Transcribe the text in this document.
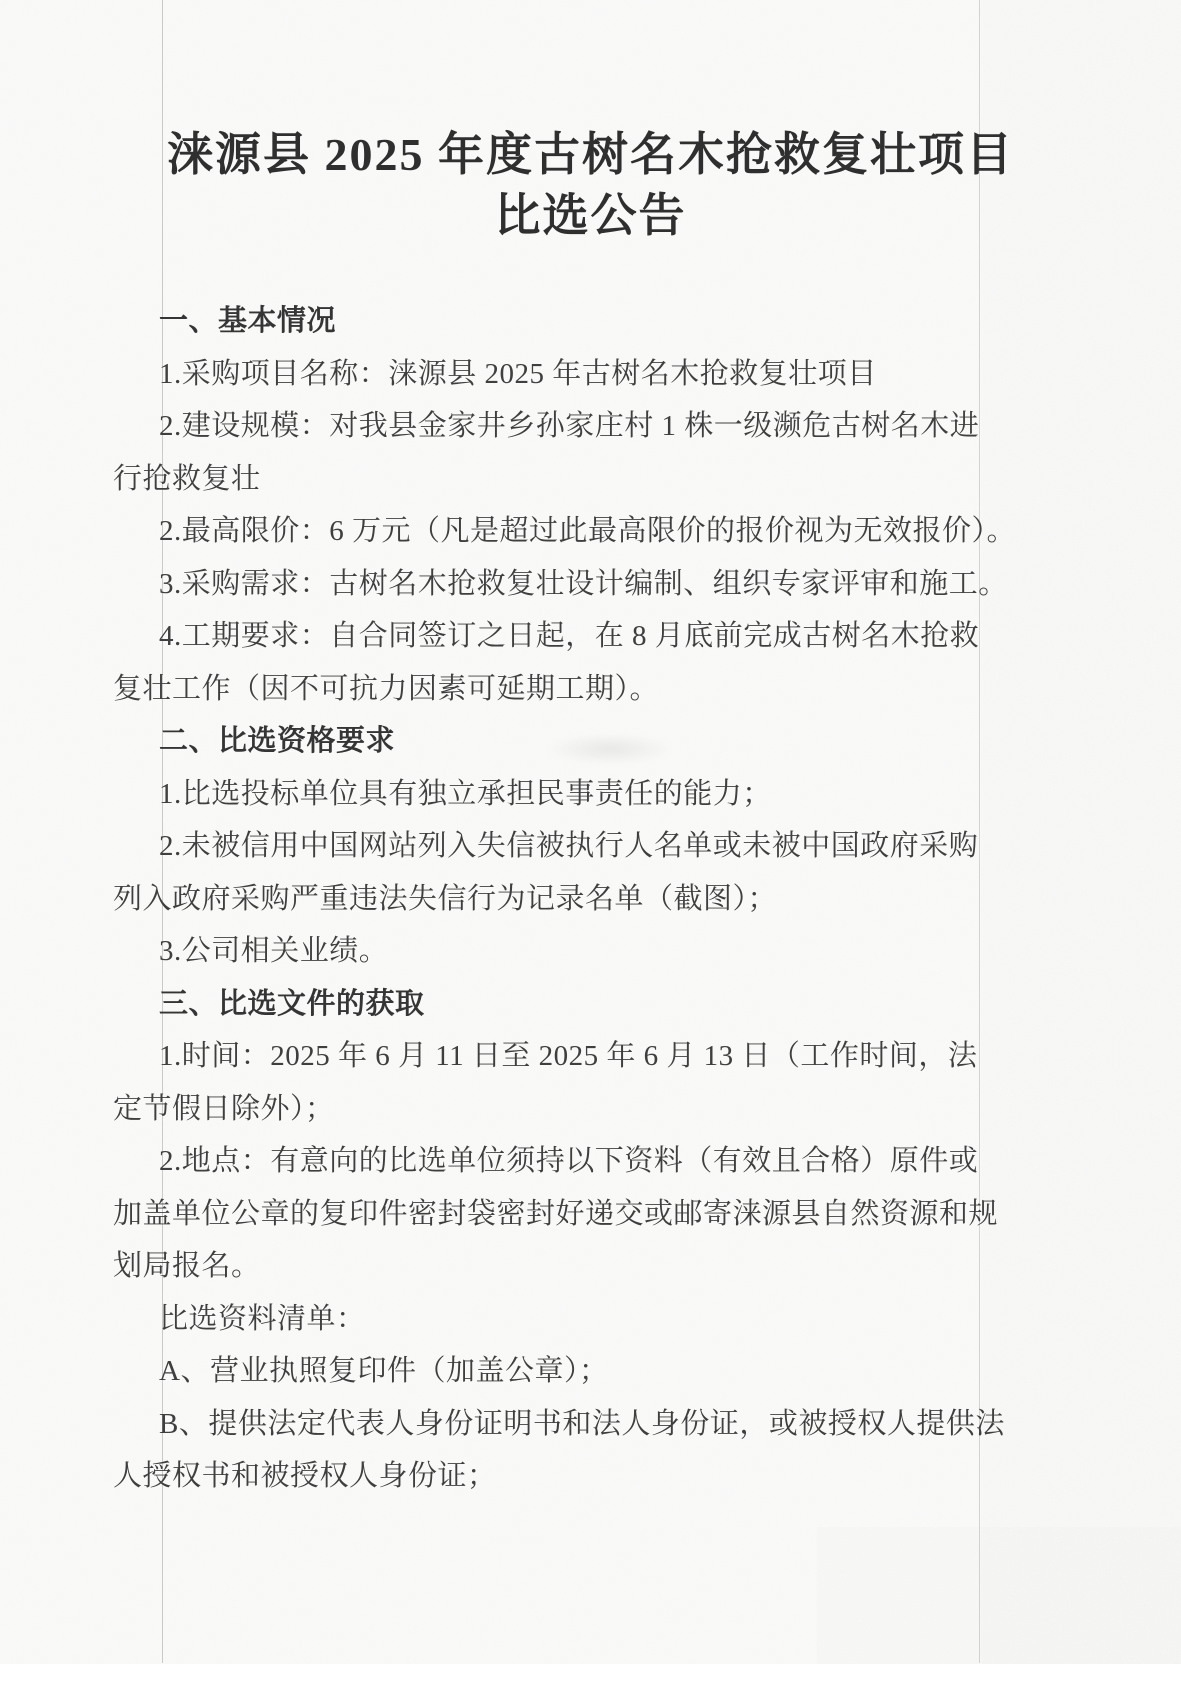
涞源县 2025 年度古树名木抢救复壮项目
比选公告
一、基本情况
1.采购项目名称：涞源县 2025 年古树名木抢救复壮项目
2.建设规模：对我县金家井乡孙家庄村 1 株一级濒危古树名木进
行抢救复壮
2.最高限价：6 万元（凡是超过此最高限价的报价视为无效报价）。
3.采购需求：古树名木抢救复壮设计编制、组织专家评审和施工。
4.工期要求：自合同签订之日起，在 8 月底前完成古树名木抢救
复壮工作（因不可抗力因素可延期工期）。
二、比选资格要求
1.比选投标单位具有独立承担民事责任的能力；
2.未被信用中国网站列入失信被执行人名单或未被中国政府采购
列入政府采购严重违法失信行为记录名单（截图）；
3.公司相关业绩。
三、比选文件的获取
1.时间：2025 年 6 月 11 日至 2025 年 6 月 13 日（工作时间，法
定节假日除外）；
2.地点：有意向的比选单位须持以下资料（有效且合格）原件或
加盖单位公章的复印件密封袋密封好递交或邮寄涞源县自然资源和规
划局报名。
比选资料清单：
A、营业执照复印件（加盖公章）；
B、提供法定代表人身份证明书和法人身份证，或被授权人提供法
人授权书和被授权人身份证；
